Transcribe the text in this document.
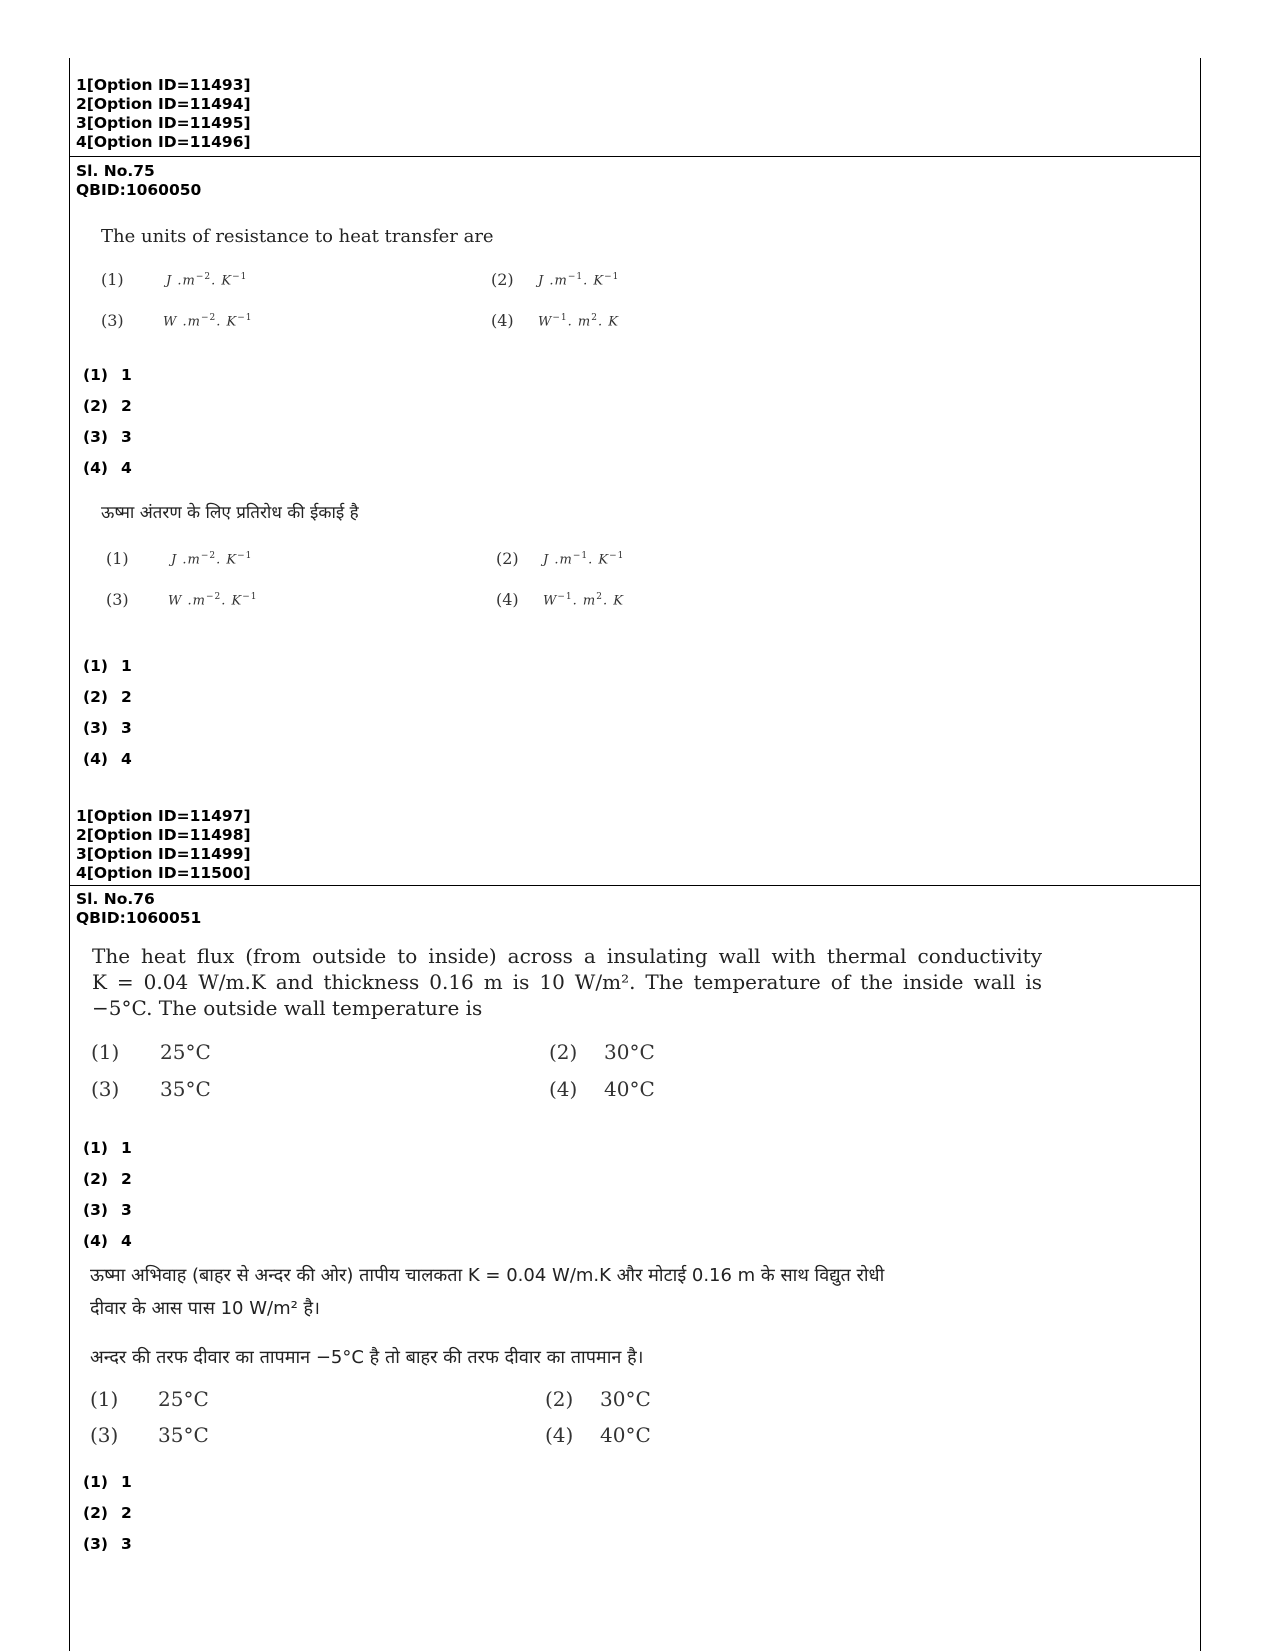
1[Option ID=11493]
2[Option ID=11494]
3[Option ID=11495]
4[Option ID=11496]
Sl. No.75
QBID:1060050
The units of resistance to heat transfer are
(1)	J $.m^{-2}$. $K^{-1}$	(2) J $.m^{-1}$. $K^{-1}$
(3)	W $.m^{-2}$. $K^{-1}$	(4) $W^{-1}$. $m^2$. K
(1) 1
(2) 2
(3) 3
(4) 4
ऊष्मा अंतरण के लिए प्रतिरोध की ईकाई है
(1)	J $.m^{-2}$. $K^{-1}$	(2) J $.m^{-1}$. $K^{-1}$
(3)	W $.m^{-2}$. $K^{-1}$	(4) $W^{-1}$. $m^2$. K
(1) 1
(2) 2
(3) 3
(4) 4
1[Option ID=11497]
2[Option ID=11498]
3[Option ID=11499]
4[Option ID=11500]
Sl. No.76
QBID:1060051
The heat flux (from outside to inside) across a insulating wall with thermal conductivity
K = 0.04 W/m.K and thickness 0.16 m is 10 W/m². The temperature of the inside wall is
−5°C. The outside wall temperature is
(1) 25°C	(2) 30°C
(3) 35°C	(4) 40°C
(1) 1
(2) 2
(3) 3
(4) 4
ऊष्मा अभिवाह (बाहर से अन्दर की ओर) तापीय चालकता K = 0.04 W/m.K और मोटाई 0.16 m के साथ विद्युत रोधी
दीवार के आस पास 10 W/m² है।
अन्दर की तरफ दीवार का तापमान −5°C है तो बाहर की तरफ दीवार का तापमान है।
(1) 25°C	(2) 30°C
(3) 35°C	(4) 40°C
(1) 1
(2) 2
(3) 3
